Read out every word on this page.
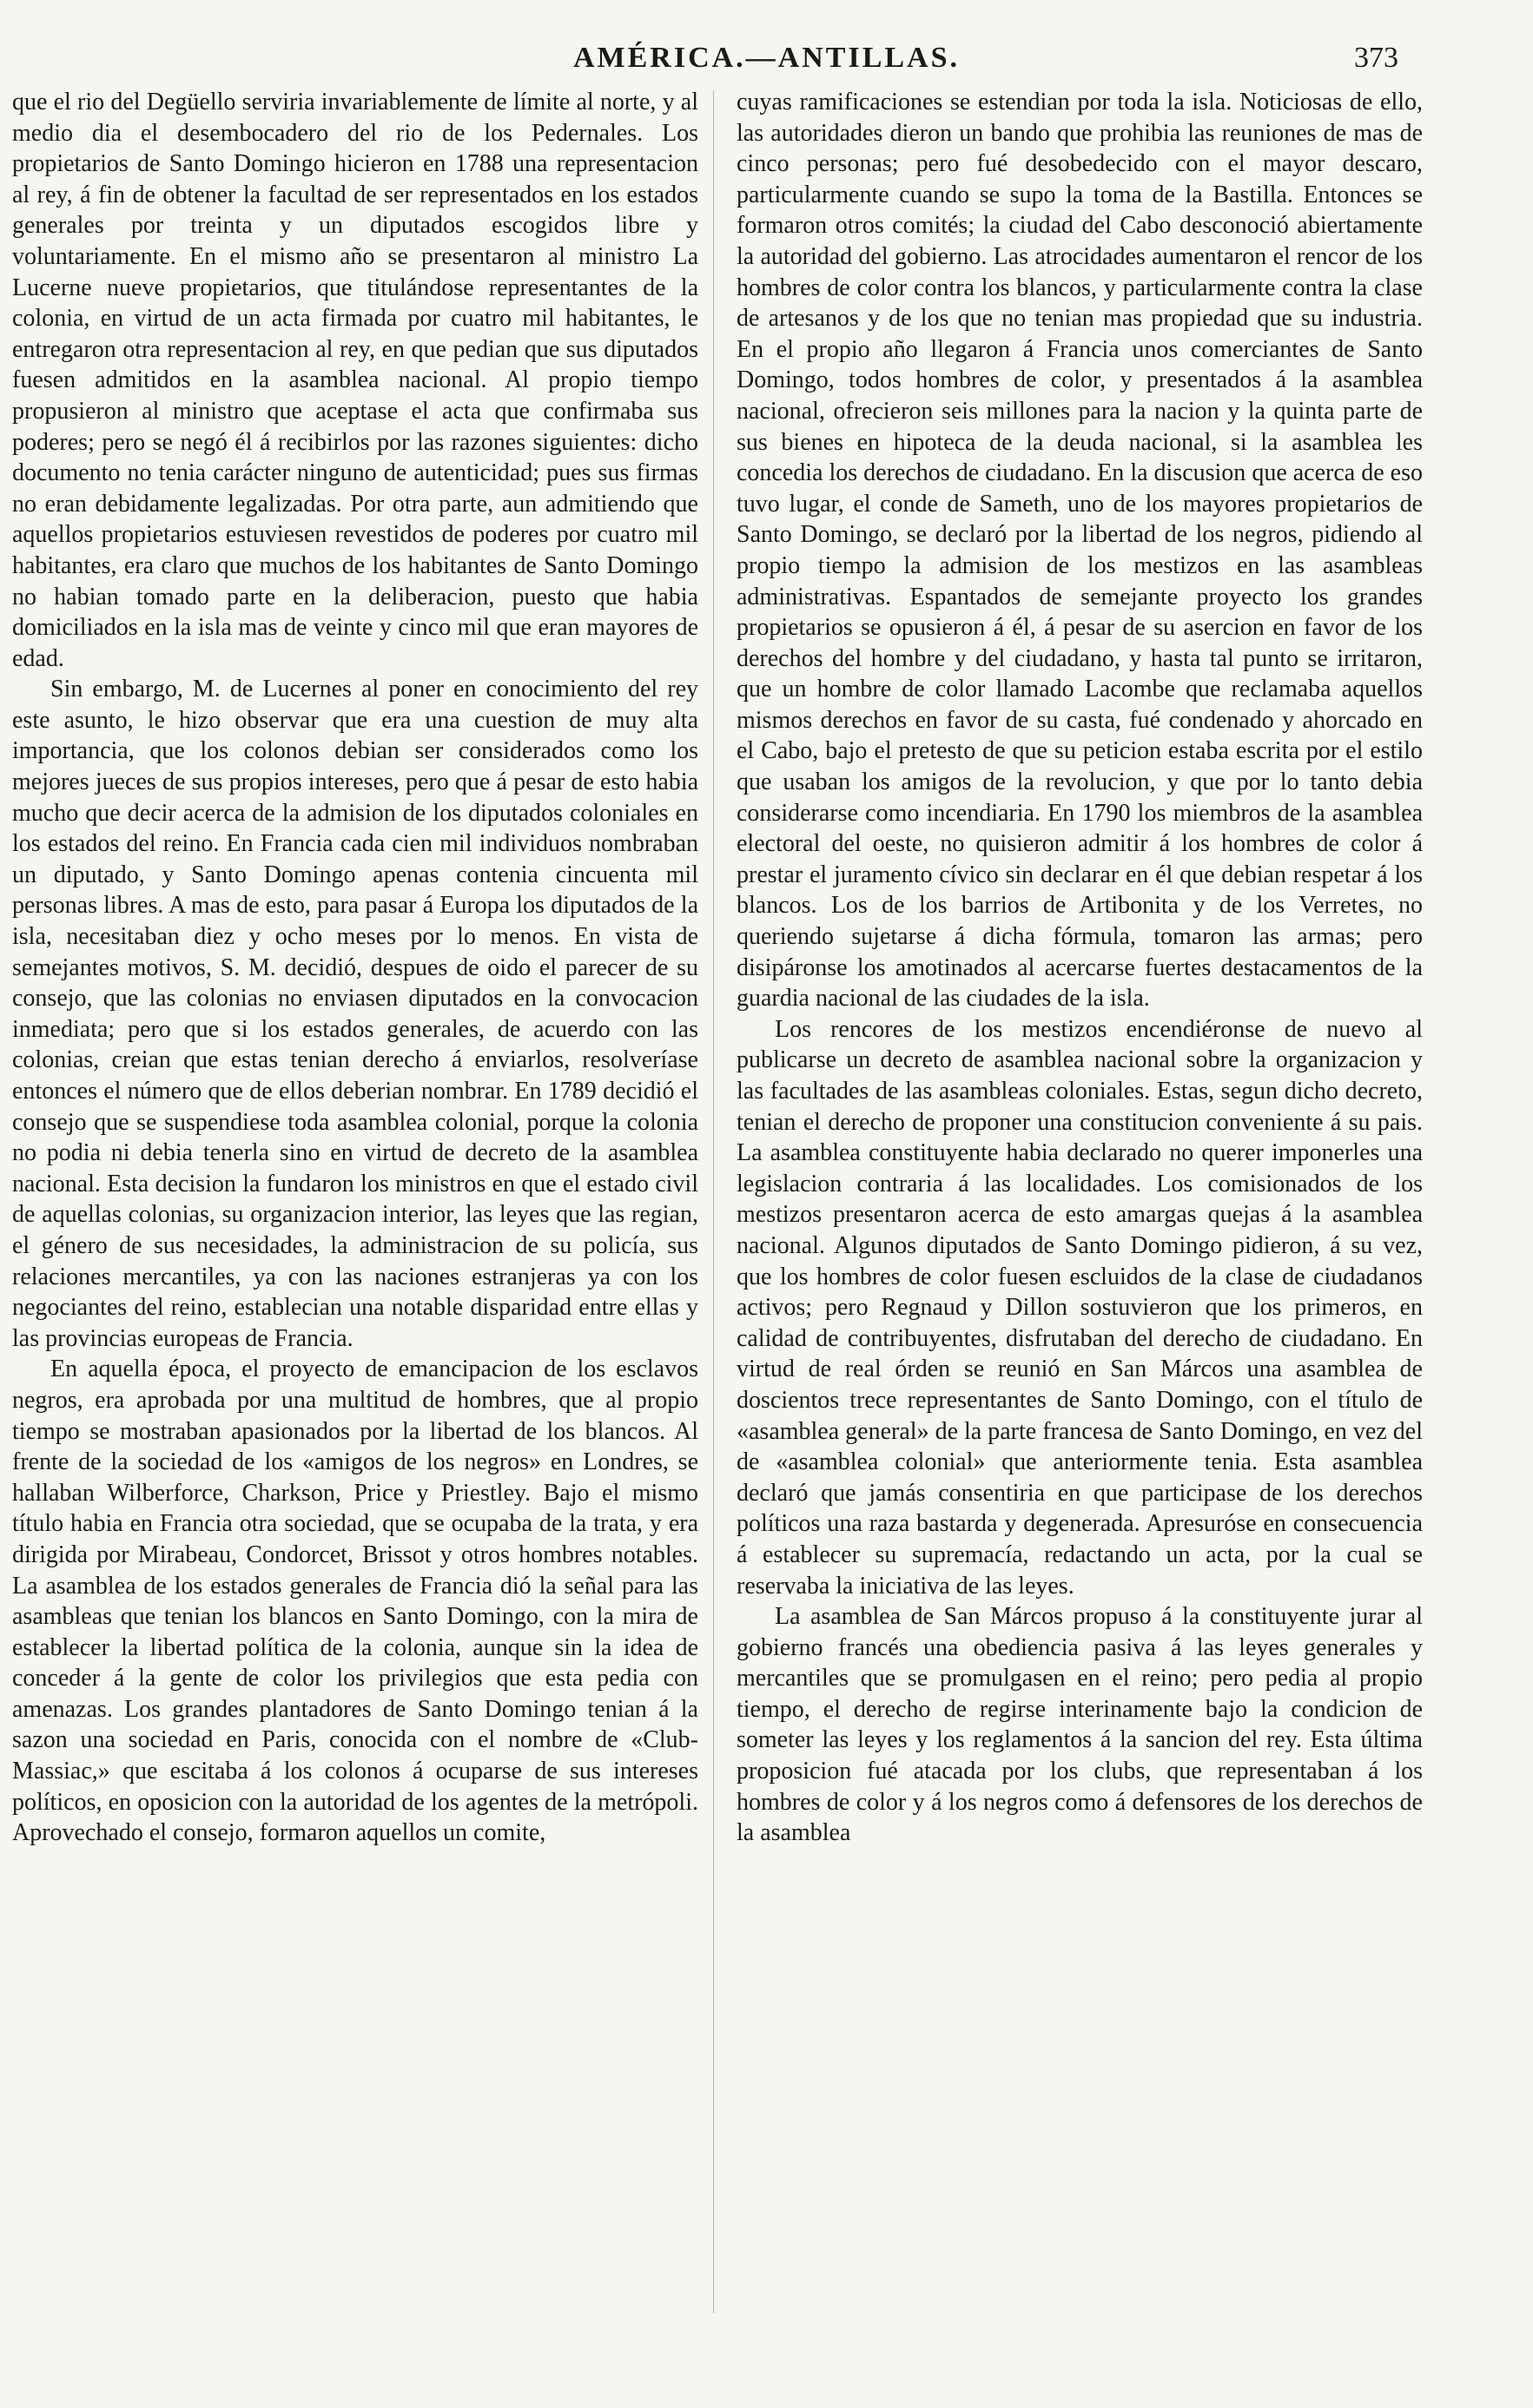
AMÉRICA.—ANTILLAS.	373

que el rio del Degüello serviria invariablemente de límite al norte, y al medio dia el desembocadero del rio de los Pedernales. Los propietarios de Santo Domingo hicieron en 1788 una representacion al rey, á fin de obtener la facultad de ser representados en los estados generales por treinta y un diputados escogidos libre y voluntariamente. En el mismo año se presentaron al ministro La Lucerne nueve propietarios, que titulándose representantes de la colonia, en virtud de un acta firmada por cuatro mil habitantes, le entregaron otra representacion al rey, en que pedian que sus diputados fuesen admitidos en la asamblea nacional. Al propio tiempo propusieron al ministro que aceptase el acta que confirmaba sus poderes; pero se negó él á recibirlos por las razones siguientes: dicho documento no tenia carácter ninguno de autenticidad; pues sus firmas no eran debidamente legalizadas. Por otra parte, aun admitiendo que aquellos propietarios estuviesen revestidos de poderes por cuatro mil habitantes, era claro que muchos de los habitantes de Santo Domingo no habian tomado parte en la deliberacion, puesto que habia domiciliados en la isla mas de veinte y cinco mil que eran mayores de edad.

Sin embargo, M. de Lucernes al poner en conocimiento del rey este asunto, le hizo observar que era una cuestion de muy alta importancia, que los colonos debian ser considerados como los mejores jueces de sus propios intereses, pero que á pesar de esto habia mucho que decir acerca de la admision de los diputados coloniales en los estados del reino. En Francia cada cien mil individuos nombraban un diputado, y Santo Domingo apenas contenia cincuenta mil personas libres. A mas de esto, para pasar á Europa los diputados de la isla, necesitaban diez y ocho meses por lo menos. En vista de semejantes motivos, S. M. decidió, despues de oido el parecer de su consejo, que las colonias no enviasen diputados en la convocacion inmediata; pero que si los estados generales, de acuerdo con las colonias, creian que estas tenian derecho á enviarlos, resolveríase entonces el número que de ellos deberian nombrar. En 1789 decidió el consejo que se suspendiese toda asamblea colonial, porque la colonia no podia ni debia tenerla sino en virtud de decreto de la asamblea nacional. Esta decision la fundaron los ministros en que el estado civil de aquellas colonias, su organizacion interior, las leyes que las regian, el género de sus necesidades, la administracion de su policía, sus relaciones mercantiles, ya con las naciones estranjeras ya con los negociantes del reino, establecian una notable disparidad entre ellas y las provincias europeas de Francia.

En aquella época, el proyecto de emancipacion de los esclavos negros, era aprobada por una multitud de hombres, que al propio tiempo se mostraban apasionados por la libertad de los blancos. Al frente de la sociedad de los «amigos de los negros» en Londres, se hallaban Wilberforce, Charkson, Price y Priestley. Bajo el mismo título habia en Francia otra sociedad, que se ocupaba de la trata, y era dirigida por Mirabeau, Condorcet, Brissot y otros hombres notables. La asamblea de los estados generales de Francia dió la señal para las asambleas que tenian los blancos en Santo Domingo, con la mira de establecer la libertad política de la colonia, aunque sin la idea de conceder á la gente de color los privilegios que esta pedia con amenazas. Los grandes plantadores de Santo Domingo tenian á la sazon una sociedad en Paris, conocida con el nombre de «Club-Massiac,» que escitaba á los colonos á ocuparse de sus intereses políticos, en oposicion con la autoridad de los agentes de la metrópoli. Aprovechado el consejo, formaron aquellos un comite,

cuyas ramificaciones se estendian por toda la isla. Noticiosas de ello, las autoridades dieron un bando que prohibia las reuniones de mas de cinco personas; pero fué desobedecido con el mayor descaro, particularmente cuando se supo la toma de la Bastilla. Entonces se formaron otros comités; la ciudad del Cabo desconoció abiertamente la autoridad del gobierno. Las atrocidades aumentaron el rencor de los hombres de color contra los blancos, y particularmente contra la clase de artesanos y de los que no tenian mas propiedad que su industria. En el propio año llegaron á Francia unos comerciantes de Santo Domingo, todos hombres de color, y presentados á la asamblea nacional, ofrecieron seis millones para la nacion y la quinta parte de sus bienes en hipoteca de la deuda nacional, si la asamblea les concedia los derechos de ciudadano. En la discusion que acerca de eso tuvo lugar, el conde de Sameth, uno de los mayores propietarios de Santo Domingo, se declaró por la libertad de los negros, pidiendo al propio tiempo la admision de los mestizos en las asambleas administrativas. Espantados de semejante proyecto los grandes propietarios se opusieron á él, á pesar de su asercion en favor de los derechos del hombre y del ciudadano, y hasta tal punto se irritaron, que un hombre de color llamado Lacombe que reclamaba aquellos mismos derechos en favor de su casta, fué condenado y ahorcado en el Cabo, bajo el pretesto de que su peticion estaba escrita por el estilo que usaban los amigos de la revolucion, y que por lo tanto debia considerarse como incendiaria. En 1790 los miembros de la asamblea electoral del oeste, no quisieron admitir á los hombres de color á prestar el juramento cívico sin declarar en él que debian respetar á los blancos. Los de los barrios de Artibonita y de los Verretes, no queriendo sujetarse á dicha fórmula, tomaron las armas; pero disipáronse los amotinados al acercarse fuertes destacamentos de la guardia nacional de las ciudades de la isla.

Los rencores de los mestizos encendiéronse de nuevo al publicarse un decreto de asamblea nacional sobre la organizacion y las facultades de las asambleas coloniales. Estas, segun dicho decreto, tenian el derecho de proponer una constitucion conveniente á su pais. La asamblea constituyente habia declarado no querer imponerles una legislacion contraria á las localidades. Los comisionados de los mestizos presentaron acerca de esto amargas quejas á la asamblea nacional. Algunos diputados de Santo Domingo pidieron, á su vez, que los hombres de color fuesen escluidos de la clase de ciudadanos activos; pero Regnaud y Dillon sostuvieron que los primeros, en calidad de contribuyentes, disfrutaban del derecho de ciudadano. En virtud de real órden se reunió en San Márcos una asamblea de doscientos trece representantes de Santo Domingo, con el título de «asamblea general» de la parte francesa de Santo Domingo, en vez del de «asamblea colonial» que anteriormente tenia. Esta asamblea declaró que jamás consentiria en que participase de los derechos políticos una raza bastarda y degenerada. Apresuróse en consecuencia á establecer su supremacía, redactando un acta, por la cual se reservaba la iniciativa de las leyes.

La asamblea de San Márcos propuso á la constituyente jurar al gobierno francés una obediencia pasiva á las leyes generales y mercantiles que se promulgasen en el reino; pero pedia al propio tiempo, el derecho de regirse interinamente bajo la condicion de someter las leyes y los reglamentos á la sancion del rey. Esta última proposicion fué atacada por los clubs, que representaban á los hombres de color y á los negros como á defensores de los derechos de la asamblea
